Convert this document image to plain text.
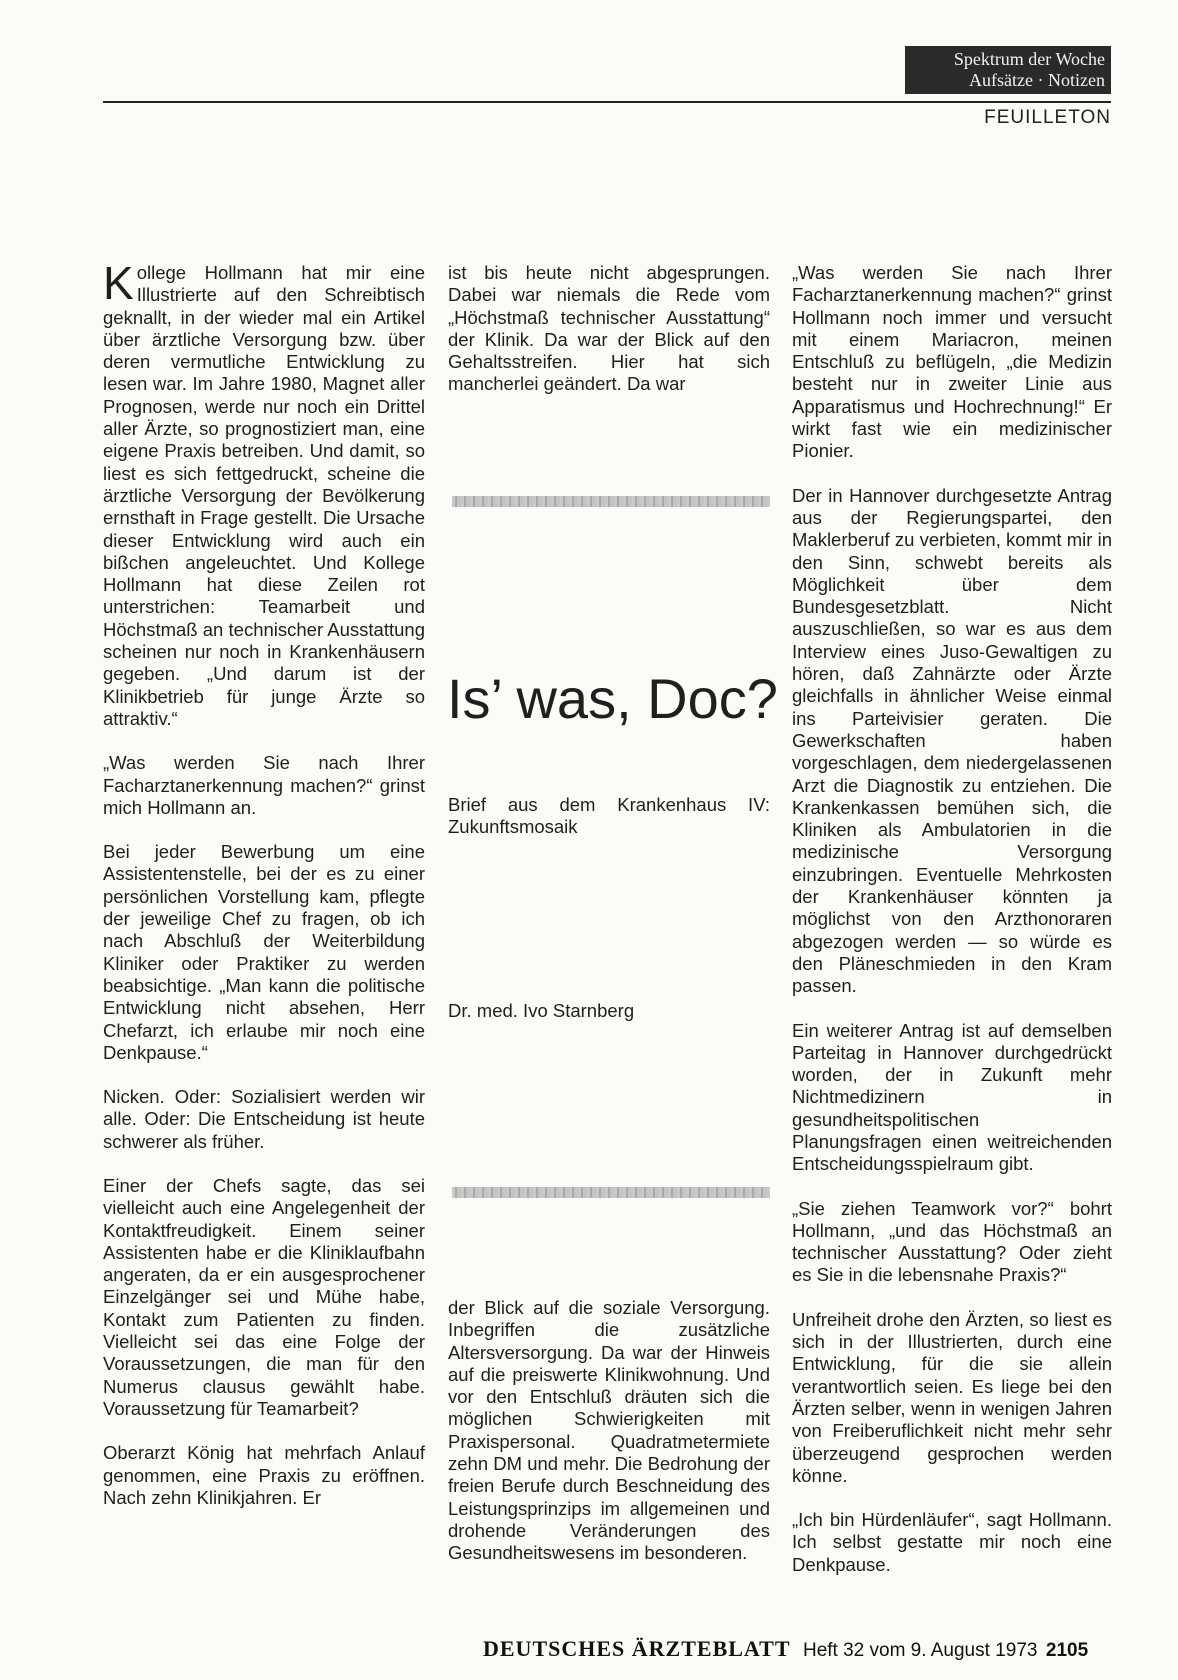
Spektrum der Woche
Aufsätze · Notizen
FEUILLETON

Kollege Hollmann hat mir eine Illustrierte auf den Schreibtisch geknallt, in der wieder mal ein Artikel über ärztliche Versorgung bzw. über deren vermutliche Entwicklung zu lesen war. Im Jahre 1980, Magnet aller Prognosen, werde nur noch ein Drittel aller Ärzte, so prognostiziert man, eine eigene Praxis betreiben. Und damit, so liest es sich fettgedruckt, scheine die ärztliche Versorgung der Bevölkerung ernsthaft in Frage gestellt. Die Ursache dieser Entwicklung wird auch ein bißchen angeleuchtet. Und Kollege Hollmann hat diese Zeilen rot unterstrichen: Teamarbeit und Höchstmaß an technischer Ausstattung scheinen nur noch in Krankenhäusern gegeben. „Und darum ist der Klinikbetrieb für junge Ärzte so attraktiv.“

„Was werden Sie nach Ihrer Facharztanerkennung machen?“ grinst mich Hollmann an.

Bei jeder Bewerbung um eine Assistentenstelle, bei der es zu einer persönlichen Vorstellung kam, pflegte der jeweilige Chef zu fragen, ob ich nach Abschluß der Weiterbildung Kliniker oder Praktiker zu werden beabsichtige. „Man kann die politische Entwicklung nicht absehen, Herr Chefarzt, ich erlaube mir noch eine Denkpause.“

Nicken. Oder: Sozialisiert werden wir alle. Oder: Die Entscheidung ist heute schwerer als früher.

Einer der Chefs sagte, das sei vielleicht auch eine Angelegenheit der Kontaktfreudigkeit. Einem seiner Assistenten habe er die Kliniklaufbahn angeraten, da er ein ausgesprochener Einzelgänger sei und Mühe habe, Kontakt zum Patienten zu finden. Vielleicht sei das eine Folge der Voraussetzungen, die man für den Numerus clausus gewählt habe. Voraussetzung für Teamarbeit?

Oberarzt König hat mehrfach Anlauf genommen, eine Praxis zu eröffnen. Nach zehn Klinikjahren. Er

ist bis heute nicht abgesprungen. Dabei war niemals die Rede vom „Höchstmaß technischer Ausstattung“ der Klinik. Da war der Blick auf den Gehaltsstreifen. Hier hat sich mancherlei geändert. Da war

Is’ was, Doc?
Brief aus dem Krankenhaus IV: Zukunftsmosaik
Dr. med. Ivo Starnberg

der Blick auf die soziale Versorgung. Inbegriffen die zusätzliche Altersversorgung. Da war der Hinweis auf die preiswerte Klinikwohnung. Und vor den Entschluß dräuten sich die möglichen Schwierigkeiten mit Praxispersonal. Quadratmetermiete zehn DM und mehr. Die Bedrohung der freien Berufe durch Beschneidung des Leistungsprinzips im allgemeinen und drohende Veränderungen des Gesundheitswesens im besonderen.

„Was werden Sie nach Ihrer Facharztanerkennung machen?“ grinst Hollmann noch immer und versucht mit einem Mariacron, meinen Entschluß zu beflügeln, „die Medizin besteht nur in zweiter Linie aus Apparatismus und Hochrechnung!“ Er wirkt fast wie ein medizinischer Pionier.

Der in Hannover durchgesetzte Antrag aus der Regierungspartei, den Maklerberuf zu verbieten, kommt mir in den Sinn, schwebt bereits als Möglichkeit über dem Bundesgesetzblatt. Nicht auszuschließen, so war es aus dem Interview eines Juso-Gewaltigen zu hören, daß Zahnärzte oder Ärzte gleichfalls in ähnlicher Weise einmal ins Parteivisier geraten. Die Gewerkschaften haben vorgeschlagen, dem niedergelassenen Arzt die Diagnostik zu entziehen. Die Krankenkassen bemühen sich, die Kliniken als Ambulatorien in die medizinische Versorgung einzubringen. Eventuelle Mehrkosten der Krankenhäuser könnten ja möglichst von den Arzthonoraren abgezogen werden — so würde es den Pläneschmieden in den Kram passen.

Ein weiterer Antrag ist auf demselben Parteitag in Hannover durchgedrückt worden, der in Zukunft mehr Nichtmedizinern in gesundheitspolitischen Planungsfragen einen weitreichenden Entscheidungsspielraum gibt.

„Sie ziehen Teamwork vor?“ bohrt Hollmann, „und das Höchstmaß an technischer Ausstattung? Oder zieht es Sie in die lebensnahe Praxis?“

Unfreiheit drohe den Ärzten, so liest es sich in der Illustrierten, durch eine Entwicklung, für die sie allein verantwortlich seien. Es liege bei den Ärzten selber, wenn in wenigen Jahren von Freiberuflichkeit nicht mehr sehr überzeugend gesprochen werden könne.

„Ich bin Hürdenläufer“, sagt Hollmann. Ich selbst gestatte mir noch eine Denkpause.

DEUTSCHES ÄRZTEBLATT Heft 32 vom 9. August 1973 2105
